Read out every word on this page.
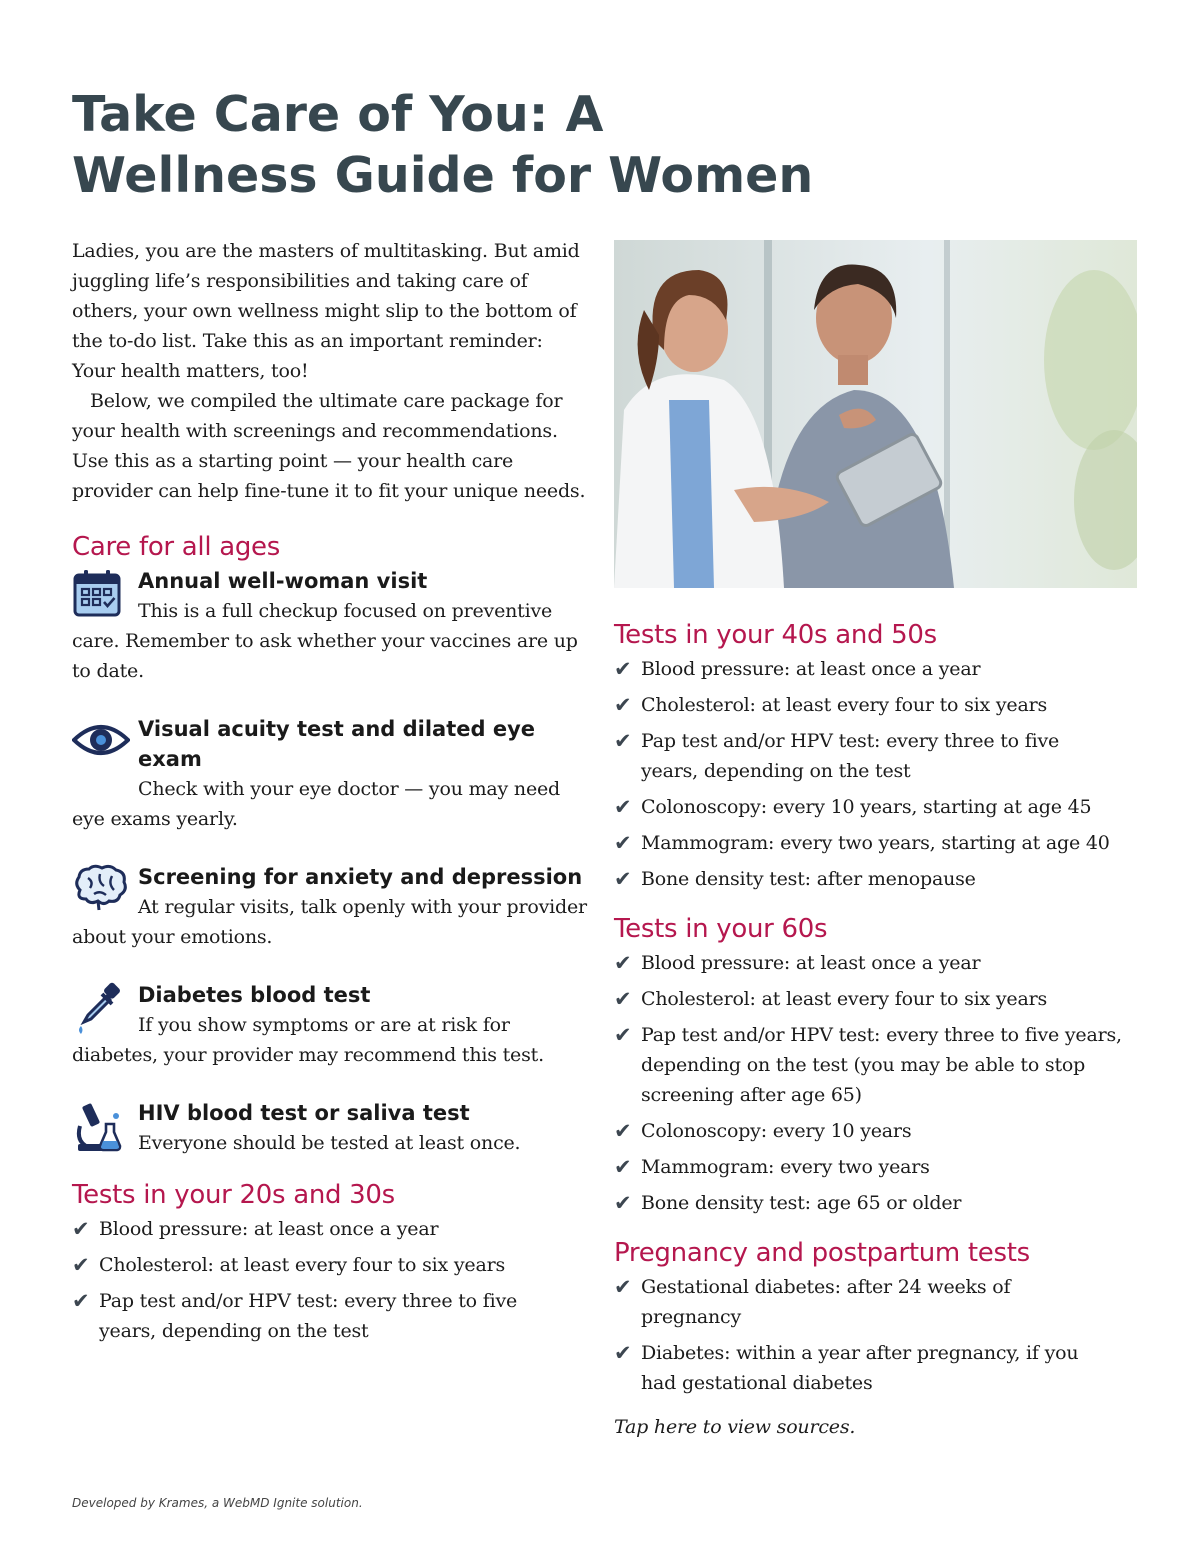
Take Care of You: A Wellness Guide for Women

Ladies, you are the masters of multitasking. But amid juggling life’s responsibilities and taking care of others, your own wellness might slip to the bottom of the to-do list. Take this as an important reminder: Your health matters, too!

Below, we compiled the ultimate care package for your health with screenings and recommendations. Use this as a starting point — your health care provider can help fine-tune it to fit your unique needs.

Care for all ages
Annual well-woman visit
This is a full checkup focused on preventive care. Remember to ask whether your vaccines are up to date.
Visual acuity test and dilated eye exam
Check with your eye doctor — you may need eye exams yearly.
Screening for anxiety and depression
At regular visits, talk openly with your provider about your emotions.
Diabetes blood test
If you show symptoms or are at risk for diabetes, your provider may recommend this test.
HIV blood test or saliva test
Everyone should be tested at least once.
Tests in your 20s and 30s
✔ Blood pressure: at least once a year
✔ Cholesterol: at least every four to six years
✔ Pap test and/or HPV test: every three to five years, depending on the test
Tests in your 40s and 50s
✔ Blood pressure: at least once a year
✔ Cholesterol: at least every four to six years
✔ Pap test and/or HPV test: every three to five years, depending on the test
✔ Colonoscopy: every 10 years, starting at age 45
✔ Mammogram: every two years, starting at age 40
✔ Bone density test: after menopause
Tests in your 60s
✔ Blood pressure: at least once a year
✔ Cholesterol: at least every four to six years
✔ Pap test and/or HPV test: every three to five years, depending on the test (you may be able to stop screening after age 65)
✔ Colonoscopy: every 10 years
✔ Mammogram: every two years
✔ Bone density test: age 65 or older
Pregnancy and postpartum tests
✔ Gestational diabetes: after 24 weeks of pregnancy
✔ Diabetes: within a year after pregnancy, if you had gestational diabetes
Tap here to view sources.
Developed by Krames, a WebMD Ignite solution.
